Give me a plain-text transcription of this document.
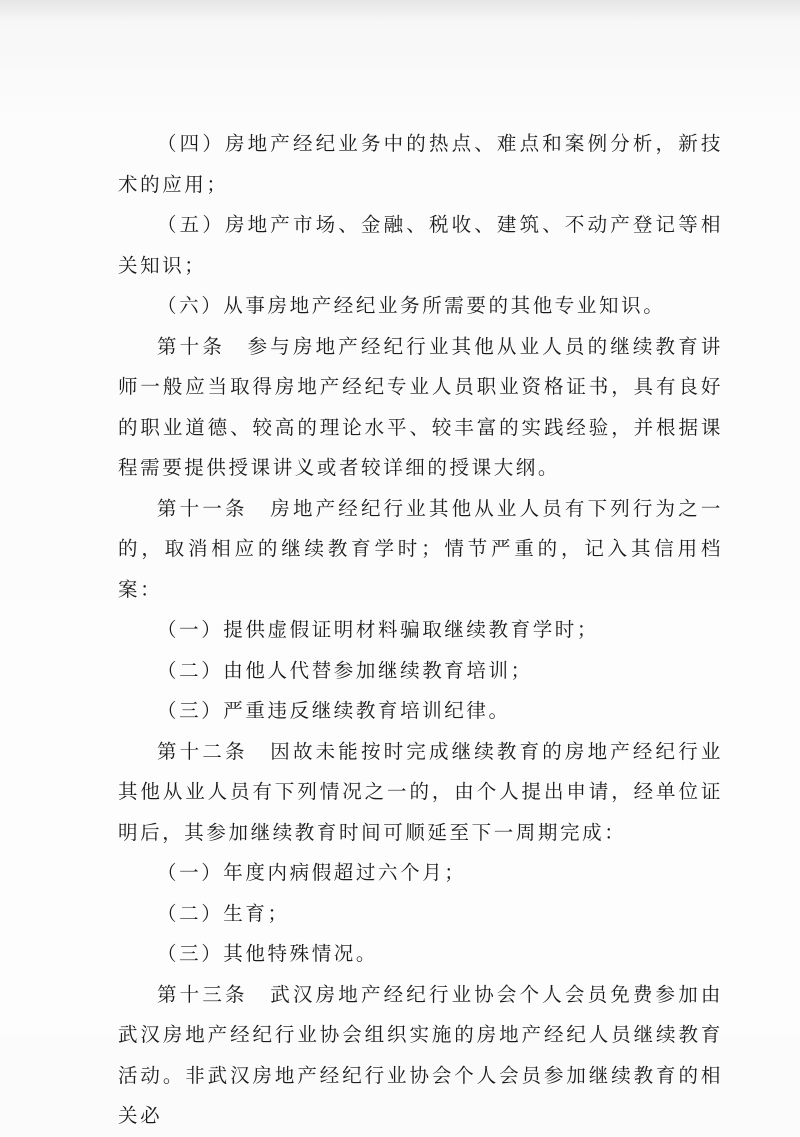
（四）房地产经纪业务中的热点、难点和案例分析，新技术的应用；

（五）房地产市场、金融、税收、建筑、不动产登记等相关知识；

（六）从事房地产经纪业务所需要的其他专业知识。

第十条　参与房地产经纪行业其他从业人员的继续教育讲师一般应当取得房地产经纪专业人员职业资格证书，具有良好的职业道德、较高的理论水平、较丰富的实践经验，并根据课程需要提供授课讲义或者较详细的授课大纲。

第十一条　房地产经纪行业其他从业人员有下列行为之一的，取消相应的继续教育学时；情节严重的，记入其信用档案：

（一）提供虚假证明材料骗取继续教育学时；

（二）由他人代替参加继续教育培训；

（三）严重违反继续教育培训纪律。

第十二条　因故未能按时完成继续教育的房地产经纪行业其他从业人员有下列情况之一的，由个人提出申请，经单位证明后，其参加继续教育时间可顺延至下一周期完成：

（一）年度内病假超过六个月；

（二）生育；

（三）其他特殊情况。

第十三条　武汉房地产经纪行业协会个人会员免费参加由武汉房地产经纪行业协会组织实施的房地产经纪人员继续教育活动。非武汉房地产经纪行业协会个人会员参加继续教育的相关必
